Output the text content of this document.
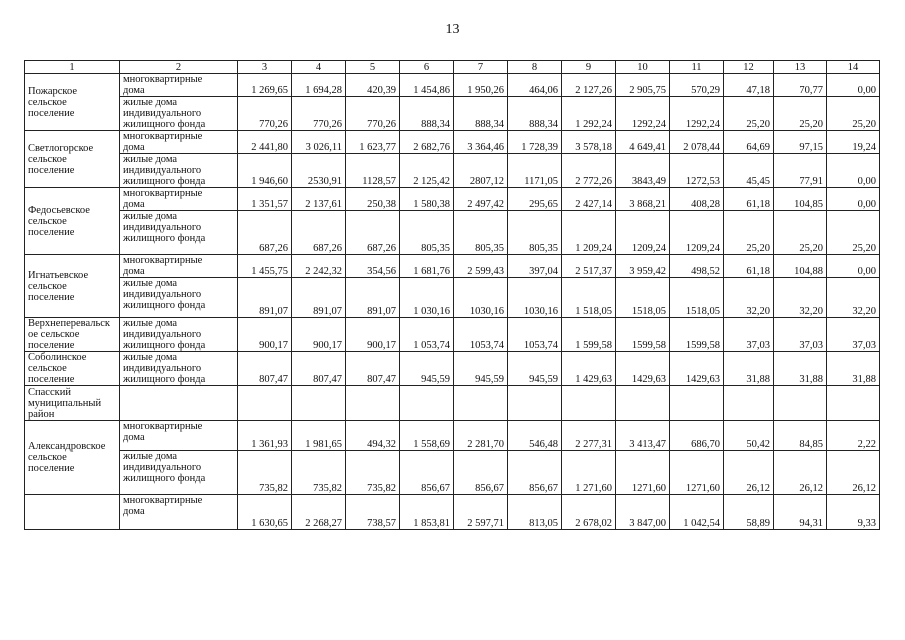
13
1	2	3	4	5	6	7	8	9	10	11	12	13	14
Пожарское
сельское
поселение	многоквартирные
дома	1 269,65	1 694,28	420,39	1 454,86	1 950,26	464,06	2 127,26	2 905,75	570,29	47,18	70,77	0,00

	жилые дома
индивидуального
жилищного фонда	770,26	770,26	770,26	888,34	888,34	888,34	1 292,24	1292,24	1292,24	25,20	25,20	25,20
Светлогорское
сельское
поселение	многоквартирные
дома	2 441,80	3 026,11	1 623,77	2 682,76	3 364,46	1 728,39	3 578,18	4 649,41	2 078,44	64,69	97,15	19,24

	жилые дома
индивидуального
жилищного фонда	1 946,60	2530,91	1128,57	2 125,42	2807,12	1171,05	2 772,26	3843,49	1272,53	45,45	77,91	0,00
Федосьевское
сельское
поселение	многоквартирные
дома	1 351,57	2 137,61	250,38	1 580,38	2 497,42	295,65	2 427,14	3 868,21	408,28	61,18	104,85	0,00

	жилые дома
индивидуального
жилищного фонда	687,26	687,26	687,26	805,35	805,35	805,35	1 209,24	1209,24	1209,24	25,20	25,20	25,20
Игнатьевское
сельское
поселение	многоквартирные
дома	1 455,75	2 242,32	354,56	1 681,76	2 599,43	397,04	2 517,37	3 959,42	498,52	61,18	104,88	0,00

	жилые дома
индивидуального
жилищного фонда	891,07	891,07	891,07	1 030,16	1030,16	1030,16	1 518,05	1518,05	1518,05	32,20	32,20	32,20
Верхнеперевальск
ое сельское
поселение	жилые дома
индивидуального
жилищного фонда	900,17	900,17	900,17	1 053,74	1053,74	1053,74	1 599,58	1599,58	1599,58	37,03	37,03	37,03
Соболинское
сельское
поселение	жилые дома
индивидуального
жилищного фонда	807,47	807,47	807,47	945,59	945,59	945,59	1 429,63	1429,63	1429,63	31,88	31,88	31,88
Спасский
муниципальный
район	

Александровское
сельское
поселение	многоквартирные
дома	1 361,93	1 981,65	494,32	1 558,69	2 281,70	546,48	2 277,31	3 413,47	686,70	50,42	84,85	2,22

	жилые дома
индивидуального
жилищного фонда	735,82	735,82	735,82	856,67	856,67	856,67	1 271,60	1271,60	1271,60	26,12	26,12	26,12

	многоквартирные
дома	1 630,65	2 268,27	738,57	1 853,81	2 597,71	813,05	2 678,02	3 847,00	1 042,54	58,89	94,31	9,33
